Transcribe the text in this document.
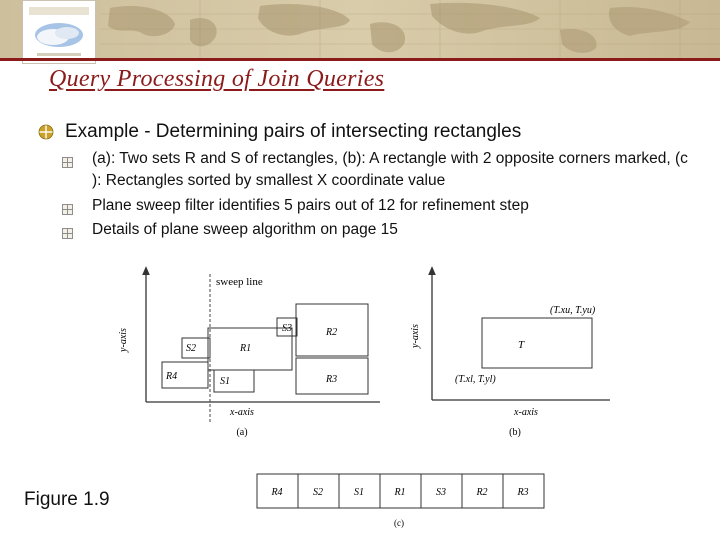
Query Processing of Join Queries
Example - Determining pairs of intersecting rectangles
(a): Two sets R and S of rectangles, (b): A rectangle with 2 opposite corners marked, (c ): Rectangles sorted by smallest X coordinate value
Plane sweep filter identifies 5 pairs out of 12 for refinement step
Details of plane sweep algorithm on page 15
y-axis
sweep line
S3	R2
S2	R1
R4	S1	R3
x-axis
(a)
y-axis	T
(T.xu, T.yu)
(T.xl, T.yl)
x-axis
(b)
R4	S2	S1	R1	S3	R2	R3
(c)
Figure 1.9
